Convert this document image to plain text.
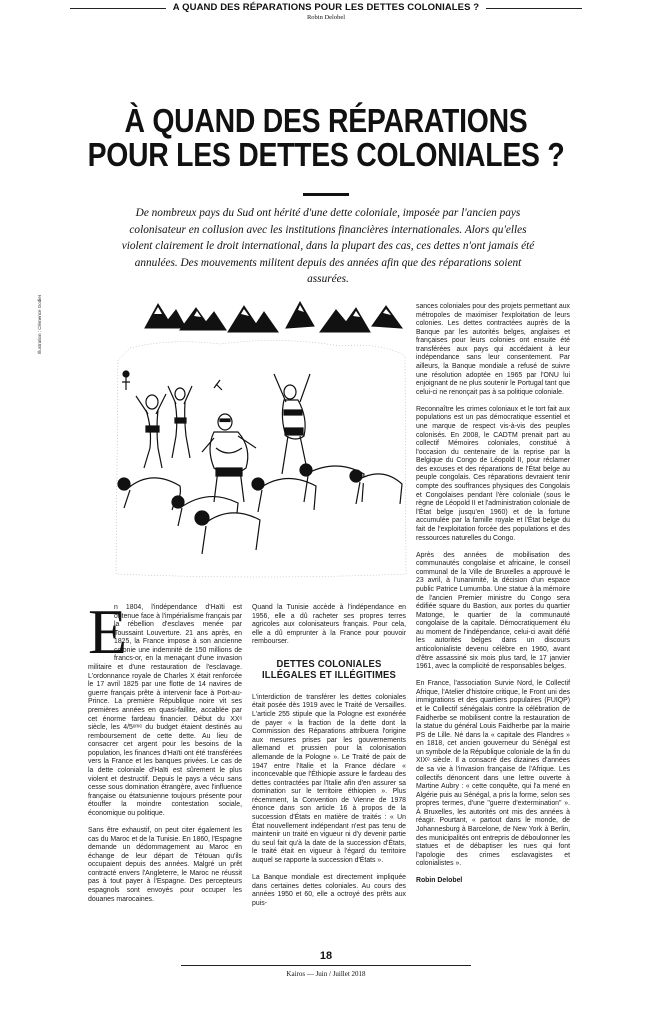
A QUAND DES RÉPARATIONS POUR LES DETTES COLONIALES ?
Robin Delobel
À QUAND DES RÉPARATIONS
POUR LES DETTES COLONIALES ?

De nombreux pays du Sud ont hérité d'une dette coloniale, imposée par l'ancien pays colonisateur en collusion avec les institutions financières internationales. Alors qu'elles violent clairement le droit international, dans la plupart des cas, ces dettes n'ont jamais été annulées. Des mouvements militent depuis des années afin que des réparations soient assurées.

Illustration : Clémence Godier
E

n 1804, l'indépendance d'Haïti est obtenue face à l'impérialisme français par la rébellion d'esclaves menée par Toussaint Louverture. 21 ans après, en 1825, la France impose à son ancienne colonie une indemnité de 150 millions de francs-or, en la menaçant d'une invasion militaire et d'une restauration de l'esclavage. L'ordonnance royale de Charles X était renforcée le 17 avril 1825 par une flotte de 14 navires de guerre français prête à intervenir face à Port-au-Prince. La première République noire vit ses premières années en quasi-faillite, accablée par cet énorme fardeau financier. Début du XXᵉ siècle, les 4/5ᵉᵐᵉ du budget étaient destinés au remboursement de cette dette. Au lieu de consacrer cet argent pour les besoins de la population, les finances d'Haïti ont été transférées vers la France et les banques privées. Le cas de la dette coloniale d'Haïti est sûrement le plus violent et destructif. Depuis le pays a vécu sans cesse sous domination étrangère, avec l'influence française ou étatsunienne toujours présente pour étouffer la moindre contestation sociale, économique ou politique.

Sans être exhaustif, on peut citer également les cas du Maroc et de la Tunisie. En 1860, l'Espagne demande un dédommagement au Maroc en échange de leur départ de Tétouan qu'ils occupaient depuis des années. Malgré un prêt contracté envers l'Angleterre, le Maroc ne réussit pas à tout payer à l'Espagne. Des percepteurs espagnols sont envoyés pour occuper les douanes marocaines.

Quand la Tunisie accède à l'indépendance en 1956, elle a dû racheter ses propres terres agricoles aux colonisateurs français. Pour cela, elle a dû emprunter à la France pour pouvoir rembourser.

DETTES COLONIALES
ILLÉGALES ET ILLÉGITIMES

L'interdiction de transférer les dettes coloniales était posée dès 1919 avec le Traité de Versailles. L'article 255 stipule que la Pologne est exonérée de payer « la fraction de la dette dont la Commission des Réparations attribuera l'origine aux mesures prises par les gouvernements allemand et prussien pour la colonisation allemande de la Pologne ». Le Traité de paix de 1947 entre l'Italie et la France déclare « inconcevable que l'Éthiopie assure le fardeau des dettes contractées par l'Italie afin d'en assurer sa domination sur le territoire éthiopien ». Plus récemment, la Convention de Vienne de 1978 énonce dans son article 16 à propos de la succession d'États en matière de traités : « Un État nouvellement indépendant n'est pas tenu de maintenir un traité en vigueur ni d'y devenir partie du seul fait qu'à la date de la succession d'États, le traité était en vigueur à l'égard du territoire auquel se rapporte la succession d'États ».

La Banque mondiale est directement impliquée dans certaines dettes coloniales. Au cours des années 1950 et 60, elle a octroyé des prêts aux puis-

sances coloniales pour des projets permettant aux métropoles de maximiser l'exploitation de leurs colonies. Les dettes contractées auprès de la Banque par les autorités belges, anglaises et françaises pour leurs colonies ont ensuite été transférées aux pays qui accédaient à leur indépendance sans leur consentement. Par ailleurs, la Banque mondiale a refusé de suivre une résolution adoptée en 1965 par l'ONU lui enjoignant de ne plus soutenir le Portugal tant que celui-ci ne renonçait pas à sa politique coloniale.

Reconnaître les crimes coloniaux et le tort fait aux populations est un pas démocratique essentiel et une marque de respect vis-à-vis des peuples colonisés. En 2008, le CADTM prenait part au collectif Mémoires coloniales, constitué à l'occasion du centenaire de la reprise par la Belgique du Congo de Léopold II, pour réclamer des excuses et des réparations de l'État belge au peuple congolais. Ces réparations devraient tenir compte des souffrances physiques des Congolais et Congolaises pendant l'ère coloniale (sous le règne de Léopold II et l'administration coloniale de l'État belge jusqu'en 1960) et de la fortune accumulée par la famille royale et l'État belge du fait de l'exploitation forcée des populations et des ressources naturelles du Congo.

Après des années de mobilisation des communautés congolaise et africaine, le conseil communal de la Ville de Bruxelles a approuvé le 23 avril, à l'unanimité, la décision d'un espace public Patrice Lumumba. Une statue à la mémoire de l'ancien Premier ministre du Congo sera édifiée square du Bastion, aux portes du quartier Matonge, le quartier de la communauté congolaise de la capitale. Démocratiquement élu au moment de l'indépendance, celui-ci avait défié les autorités belges dans un discours anticolonialiste devenu célèbre en 1960, avant d'être assassiné six mois plus tard, le 17 janvier 1961, avec la complicité de responsables belges.

En France, l'association Survie Nord, le Collectif Afrique, l'Atelier d'histoire critique, le Front uni des immigrations et des quartiers populaires (FUIQP) et le Collectif sénégalais contre la célébration de Faidherbe se mobilisent contre la restauration de la statue du général Louis Faidherbe par la mairie PS de Lille. Né dans la « capitale des Flandres » en 1818, cet ancien gouverneur du Sénégal est un symbole de la République coloniale de la fin du XIXᵉ siècle. Il a consacré des dizaines d'années de sa vie à l'invasion française de l'Afrique. Les collectifs dénoncent dans une lettre ouverte à Martine Aubry : « cette conquête, qui l'a mené en Algérie puis au Sénégal, a pris la forme, selon ses propres termes, d'une "guerre d'extermination" ». À Bruxelles, les autorités ont mis des années à réagir. Pourtant, « partout dans le monde, de Johannesburg à Barcelone, de New York à Berlin, des municipalités ont entrepris de déboulonner les statues et de débaptiser les rues qui font l'apologie des crimes esclavagistes et colonialistes ».

Robin Delobel

18
Kairos — Juin / Juillet 2018
